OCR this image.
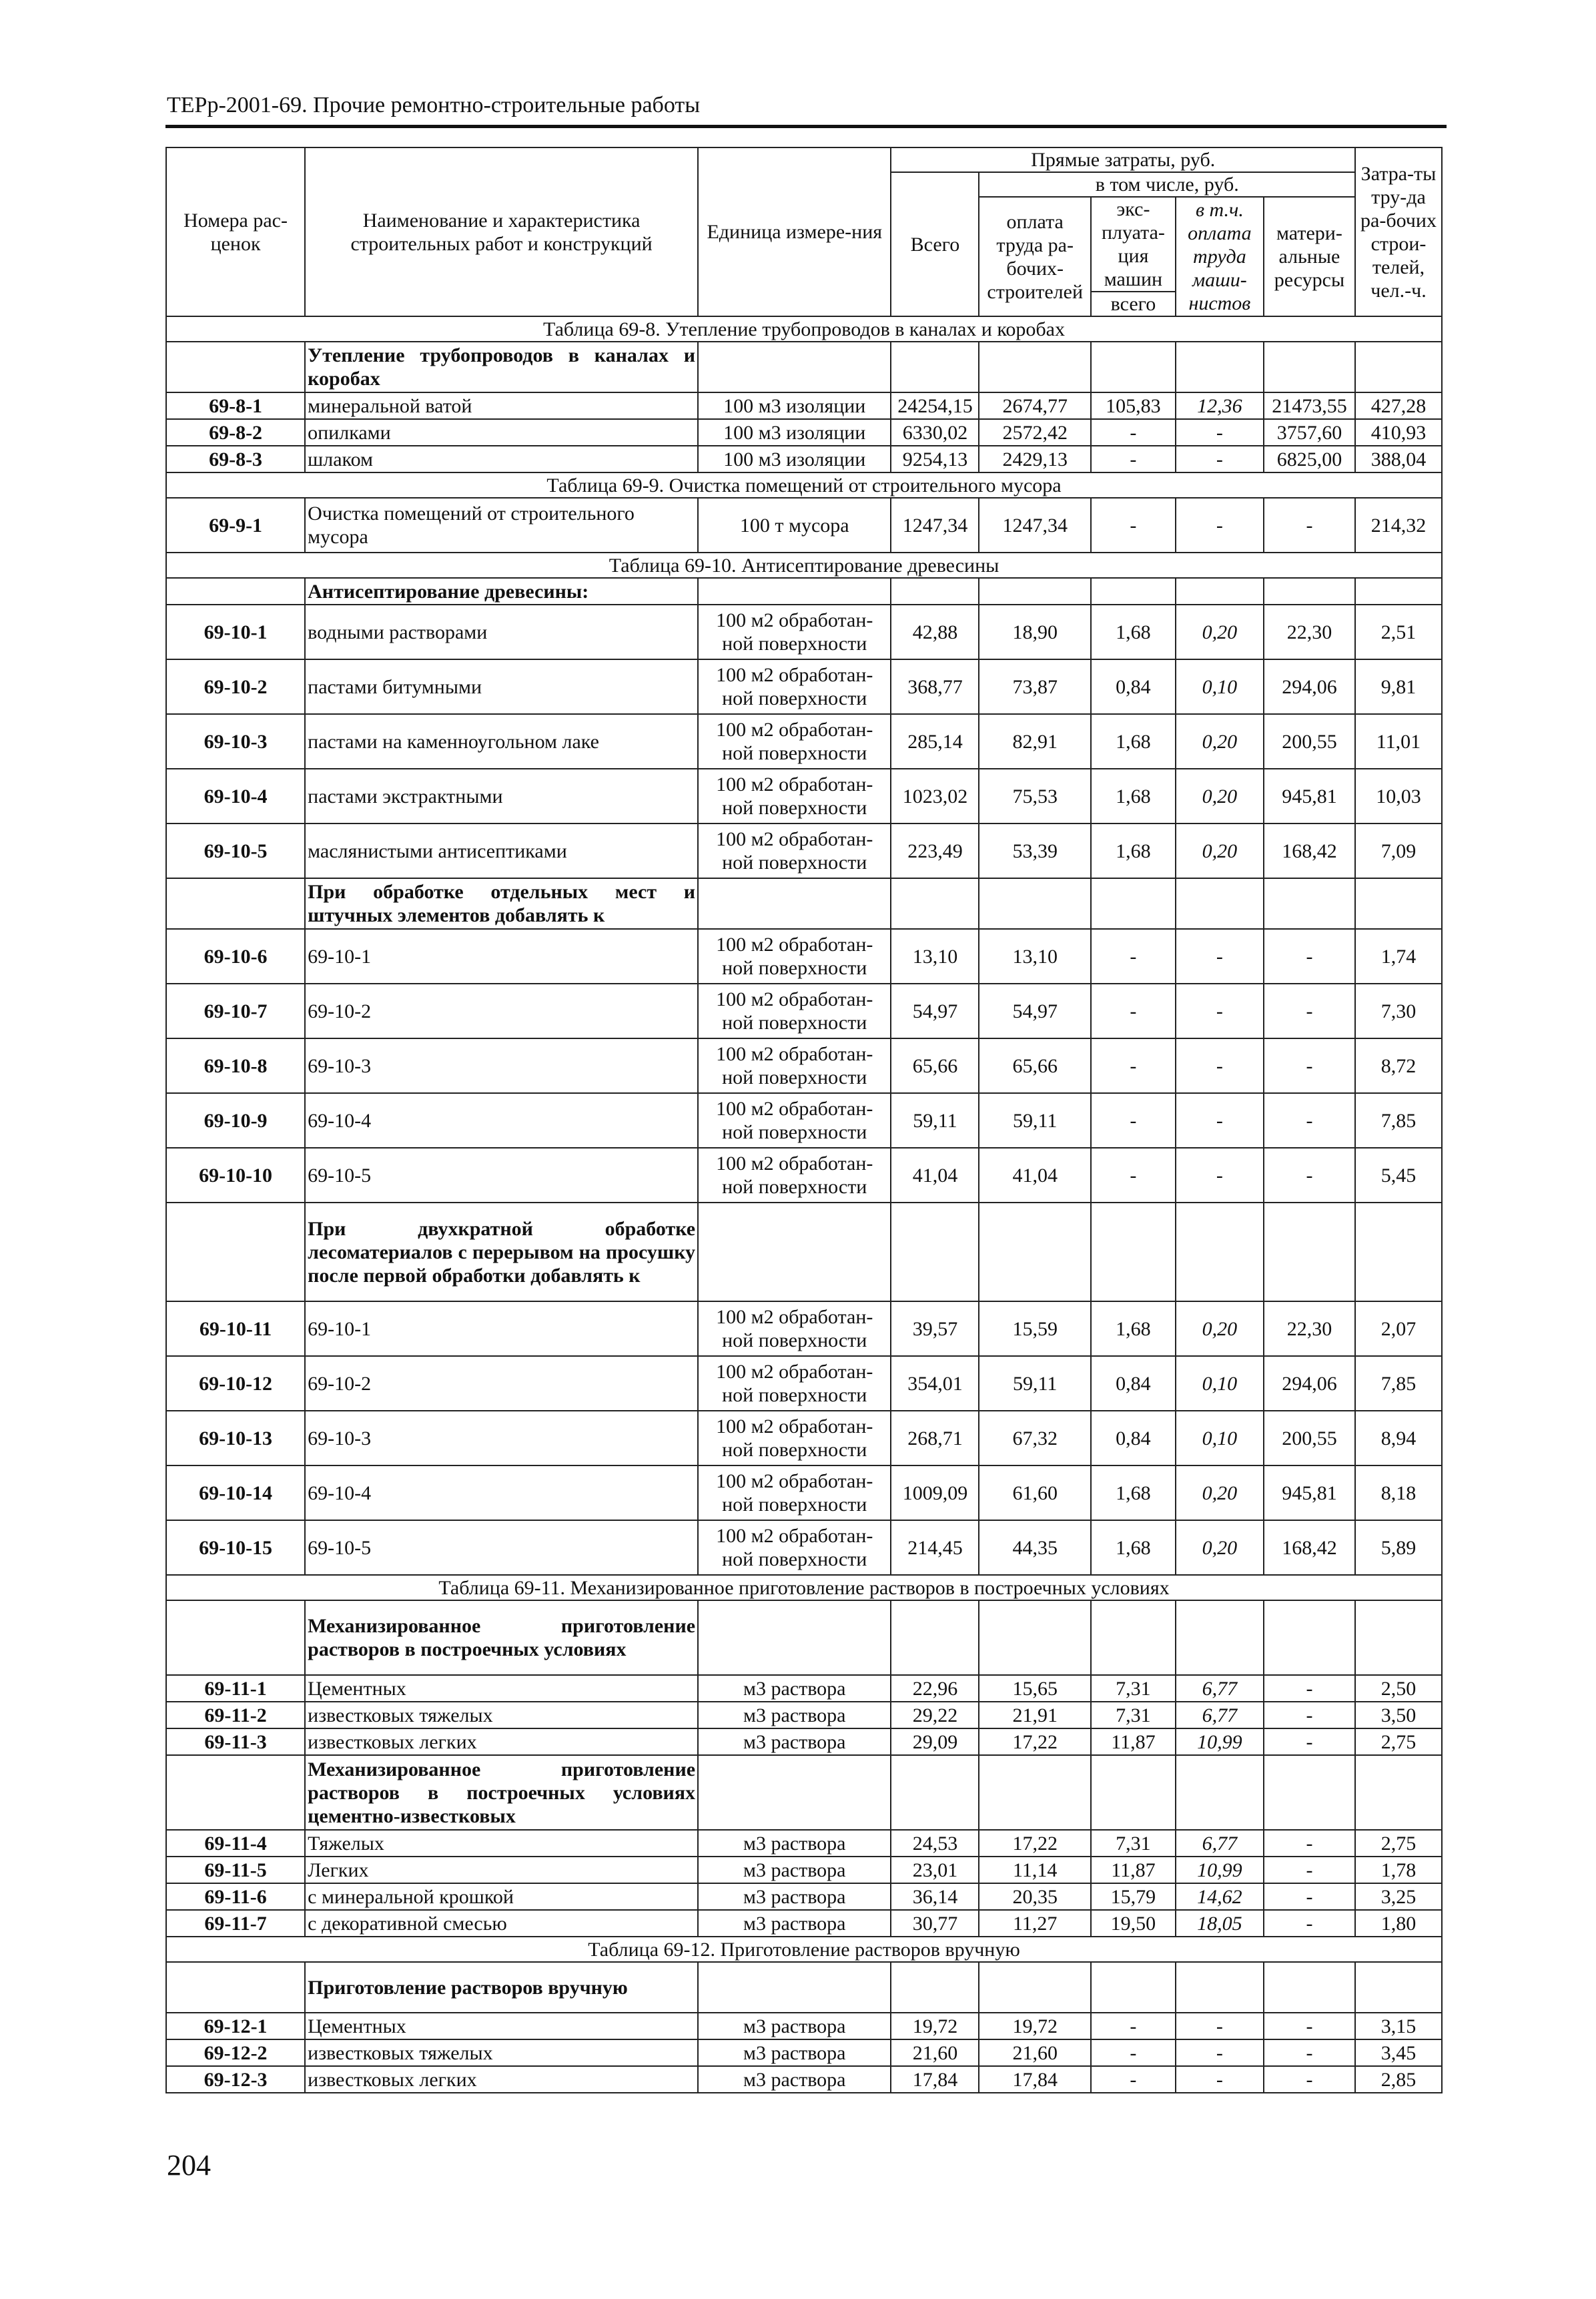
ТЕРр-2001-69. Прочие ремонтно-строительные работы
Номера рас-ценок	Наименование и характеристика строительных работ и конструкций	Единица измере-ния	Прямые затраты, руб.					Затра-ты тру-да ра-бочих строи-телей, чел.-ч.
			Всего	в том числе, руб.				
				оплата труда ра-бочих-строителей	экс-плуата-ция машин	в т.ч. оплата труда маши-нистов	матери-альные ресурсы	

					всего			
Таблица 69-8. Утепление трубопроводов в каналах и коробах								
	Утепление трубопроводов в каналах и коробах							
69-8-1	минеральной ватой	100 м3 изоляции	24254,15	2674,77	105,83	12,36	21473,55	427,28
69-8-2	опилками	100 м3 изоляции	6330,02	2572,42	-	-	3757,60	410,93
69-8-3	шлаком	100 м3 изоляции	9254,13	2429,13	-	-	6825,00	388,04
Таблица 69-9. Очистка помещений от строительного мусора								
69-9-1	Очистка помещений от строительного мусора	100 т мусора	1247,34	1247,34	-	-	-	214,32
Таблица 69-10. Антисептирование древесины								
	Антисептирование древесины:							
69-10-1	водными растворами	100 м2 обработан-ной поверхности	42,88	18,90	1,68	0,20	22,30	2,51
69-10-2	пастами битумными	100 м2 обработан-ной поверхности	368,77	73,87	0,84	0,10	294,06	9,81
69-10-3	пастами на каменноугольном лаке	100 м2 обработан-ной поверхности	285,14	82,91	1,68	0,20	200,55	11,01
69-10-4	пастами экстрактными	100 м2 обработан-ной поверхности	1023,02	75,53	1,68	0,20	945,81	10,03
69-10-5	маслянистыми антисептиками	100 м2 обработан-ной поверхности	223,49	53,39	1,68	0,20	168,42	7,09
	При обработке отдельных мест и штучных элементов добавлять к							
69-10-6	69-10-1	100 м2 обработан-ной поверхности	13,10	13,10	-	-	-	1,74
69-10-7	69-10-2	100 м2 обработан-ной поверхности	54,97	54,97	-	-	-	7,30
69-10-8	69-10-3	100 м2 обработан-ной поверхности	65,66	65,66	-	-	-	8,72
69-10-9	69-10-4	100 м2 обработан-ной поверхности	59,11	59,11	-	-	-	7,85
69-10-10	69-10-5	100 м2 обработан-ной поверхности	41,04	41,04	-	-	-	5,45
	При двухкратной обработке лесоматериалов с перерывом на просушку после первой обработки добавлять к							
69-10-11	69-10-1	100 м2 обработан-ной поверхности	39,57	15,59	1,68	0,20	22,30	2,07
69-10-12	69-10-2	100 м2 обработан-ной поверхности	354,01	59,11	0,84	0,10	294,06	7,85
69-10-13	69-10-3	100 м2 обработан-ной поверхности	268,71	67,32	0,84	0,10	200,55	8,94
69-10-14	69-10-4	100 м2 обработан-ной поверхности	1009,09	61,60	1,68	0,20	945,81	8,18
69-10-15	69-10-5	100 м2 обработан-ной поверхности	214,45	44,35	1,68	0,20	168,42	5,89
Таблица 69-11. Механизированное приготовление растворов в построечных условиях								
	Механизированное приготовление растворов в построечных условиях							
69-11-1	Цементных	м3 раствора	22,96	15,65	7,31	6,77	-	2,50
69-11-2	известковых тяжелых	м3 раствора	29,22	21,91	7,31	6,77	-	3,50
69-11-3	известковых легких	м3 раствора	29,09	17,22	11,87	10,99	-	2,75
	Механизированное приготовление растворов в построечных условиях цементно-известковых							
69-11-4	Тяжелых	м3 раствора	24,53	17,22	7,31	6,77	-	2,75
69-11-5	Легких	м3 раствора	23,01	11,14	11,87	10,99	-	1,78
69-11-6	с минеральной крошкой	м3 раствора	36,14	20,35	15,79	14,62	-	3,25
69-11-7	с декоративной смесью	м3 раствора	30,77	11,27	19,50	18,05	-	1,80
Таблица 69-12. Приготовление растворов вручную								
	Приготовление растворов вручную							
69-12-1	Цементных	м3 раствора	19,72	19,72	-	-	-	3,15
69-12-2	известковых тяжелых	м3 раствора	21,60	21,60	-	-	-	3,45
69-12-3	известковых легких	м3 раствора	17,84	17,84	-	-	-	2,85
204
